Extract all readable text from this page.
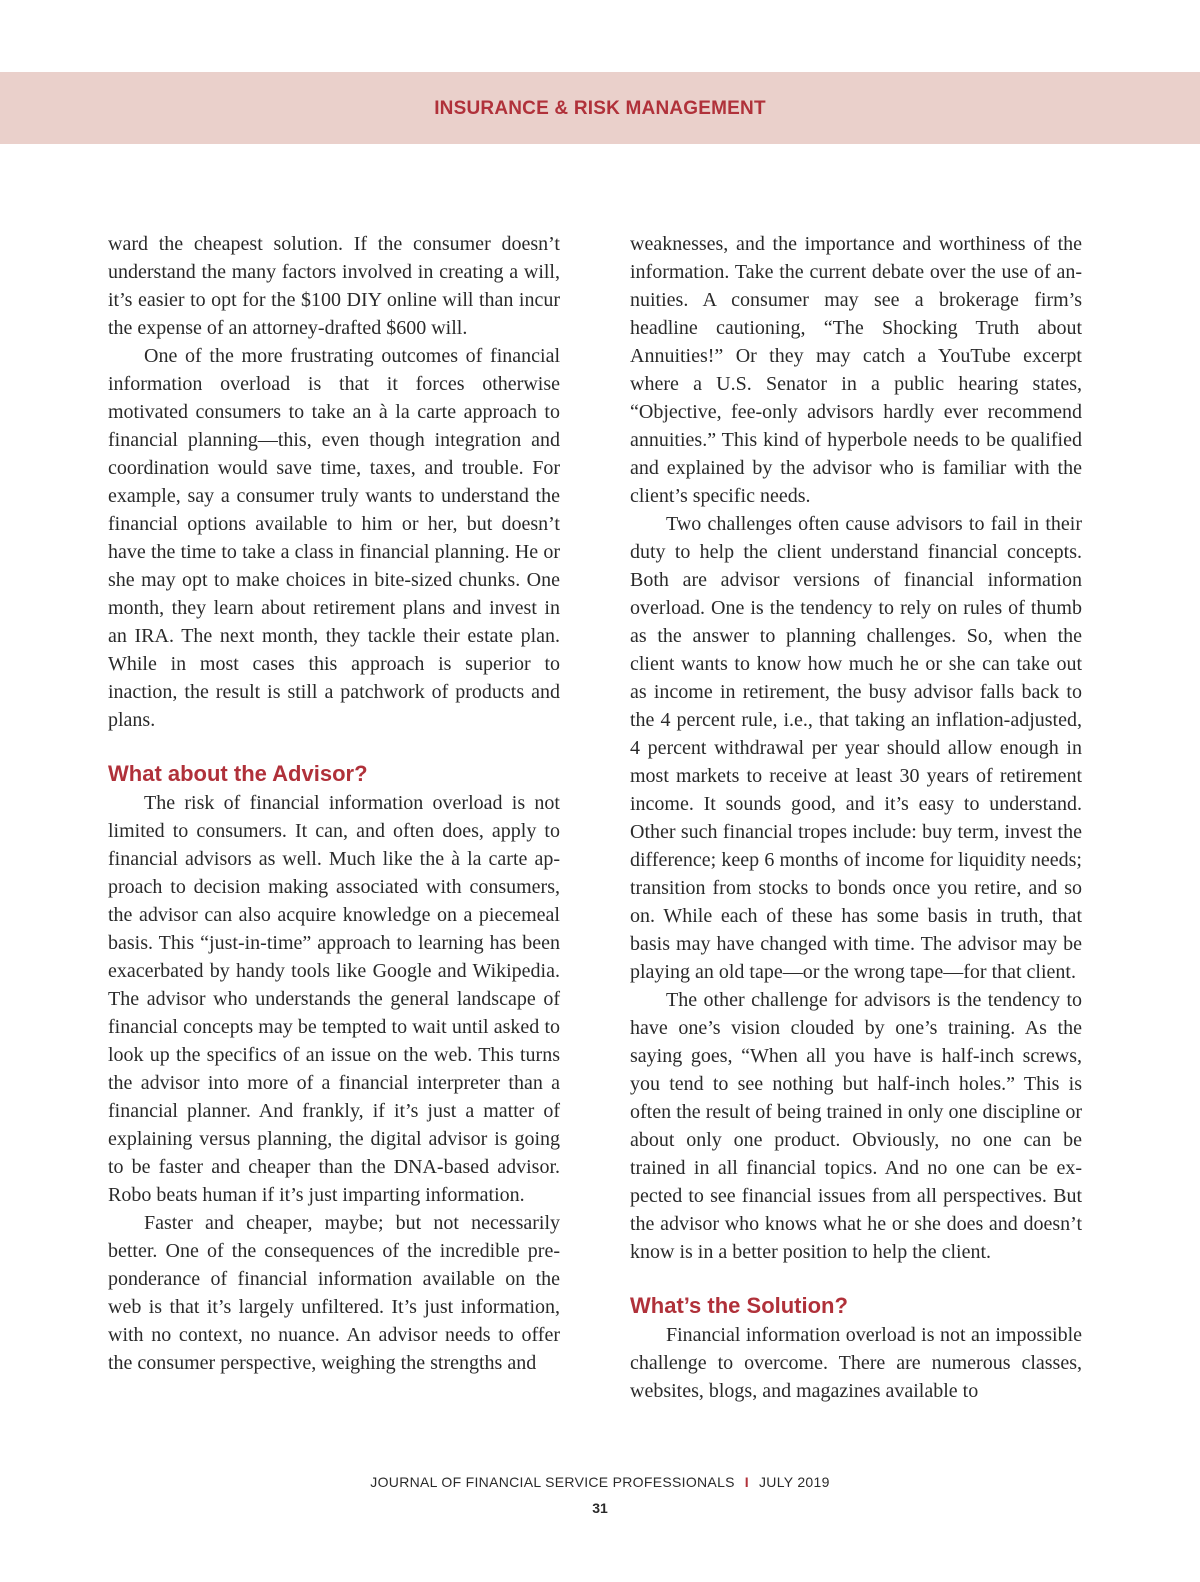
INSURANCE & RISK MANAGEMENT

ward the cheapest solution. If the consumer doesn’t understand the many factors involved in creating a will, it’s easier to opt for the $100 DIY online will than incur the expense of an attorney-drafted $600 will.

One of the more frustrating outcomes of financial information overload is that it forces otherwise motivated consumers to take an à la carte approach to financial planning—this, even though integration and coordination would save time, taxes, and trouble. For example, say a consumer truly wants to understand the financial options available to him or her, but doesn’t have the time to take a class in financial planning. He or she may opt to make choices in bite-sized chunks. One month, they learn about retirement plans and invest in an IRA. The next month, they tackle their estate plan. While in most cases this approach is superior to inaction, the result is still a patchwork of products and plans.

What about the Advisor?

The risk of financial information overload is not limited to consumers. It can, and often does, apply to financial advisors as well. Much like the à la carte approach to decision making associated with consumers, the advisor can also acquire knowledge on a piecemeal basis. This “just-in-time” approach to learning has been exacerbated by handy tools like Google and Wikipedia. The advisor who understands the general landscape of financial concepts may be tempted to wait until asked to look up the specifics of an issue on the web. This turns the advisor into more of a financial interpreter than a financial planner. And frankly, if it’s just a matter of explaining versus planning, the digital advisor is going to be faster and cheaper than the DNA-based advisor. Robo beats human if it’s just imparting information.

Faster and cheaper, maybe; but not necessarily better. One of the consequences of the incredible preponderance of financial information available on the web is that it’s largely unfiltered. It’s just information, with no context, no nuance. An advisor needs to offer the consumer perspective, weighing the strengths and

weaknesses, and the importance and worthiness of the information. Take the current debate over the use of annuities. A consumer may see a brokerage firm’s headline cautioning, “The Shocking Truth about Annuities!” Or they may catch a YouTube excerpt where a U.S. Senator in a public hearing states, “Objective, fee-only advisors hardly ever recommend annuities.” This kind of hyperbole needs to be qualified and explained by the advisor who is familiar with the client’s specific needs.

Two challenges often cause advisors to fail in their duty to help the client understand financial concepts. Both are advisor versions of financial information overload. One is the tendency to rely on rules of thumb as the answer to planning challenges. So, when the client wants to know how much he or she can take out as income in retirement, the busy advisor falls back to the 4 percent rule, i.e., that taking an inflation-adjusted, 4 percent withdrawal per year should allow enough in most markets to receive at least 30 years of retirement income. It sounds good, and it’s easy to understand. Other such financial tropes include: buy term, invest the difference; keep 6 months of income for liquidity needs; transition from stocks to bonds once you retire, and so on. While each of these has some basis in truth, that basis may have changed with time. The advisor may be playing an old tape—or the wrong tape—for that client.

The other challenge for advisors is the tendency to have one’s vision clouded by one’s training. As the saying goes, “When all you have is half-inch screws, you tend to see nothing but half-inch holes.” This is often the result of being trained in only one discipline or about only one product. Obviously, no one can be trained in all financial topics. And no one can be expected to see financial issues from all perspectives. But the advisor who knows what he or she does and doesn’t know is in a better position to help the client.

What’s the Solution?

Financial information overload is not an impossible challenge to overcome. There are numerous classes, websites, blogs, and magazines available to

JOURNAL OF FINANCIAL SERVICE PROFESSIONALS I JULY 2019
31
